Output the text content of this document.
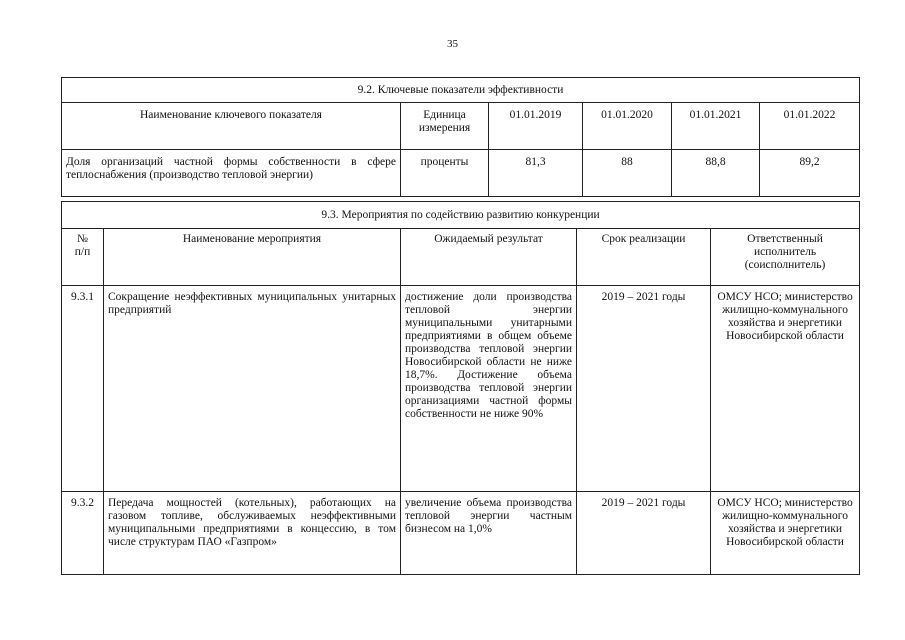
35
9.2. Ключевые показатели эффективности					
Наименование ключевого показателя	Единица измерения	01.01.2019	01.01.2020	01.01.2021	01.01.2022
Доля организаций частной формы собственности в сфере теплоснабжения (производство тепловой энергии)	проценты	81,3	88	88,8	89,2
9.3. Мероприятия по содействию развитию конкуренции				
№ п/п	Наименование мероприятия	Ожидаемый результат	Срок реализации	Ответственный исполнитель (соисполнитель)
9.3.1	Сокращение неэффективных муниципальных унитарных предприятий	достижение доли производства тепловой энергии муниципальными унитарными предприятиями в общем объеме производства тепловой энергии Новосибирской области не ниже 18,7%. Достижение объема производства тепловой энергии организациями частной формы собственности не ниже 90%	2019 – 2021 годы	ОМСУ НСО; министерство жилищно-коммунального хозяйства и энергетики Новосибирской области
9.3.2	Передача мощностей (котельных), работающих на газовом топливе, обслуживаемых неэффективными муниципальными предприятиями в концессию, в том числе структурам ПАО «Газпром»	увеличение объема производства тепловой энергии частным бизнесом на 1,0%	2019 – 2021 годы	ОМСУ НСО; министерство жилищно-коммунального хозяйства и энергетики Новосибирской области
